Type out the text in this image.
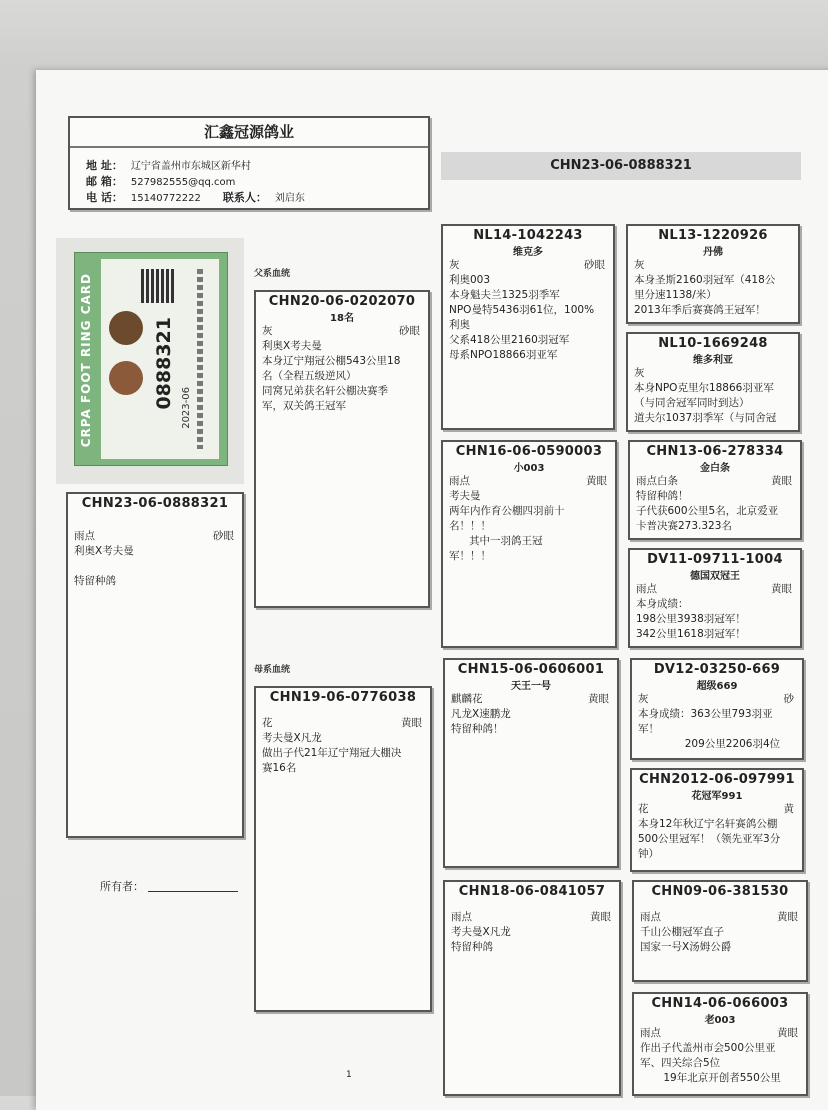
汇鑫冠源鸽业
地 址： 辽宁省盖州市东城区新华村
邮 箱： 527982555@qq.com
电 话： 15140772222 联系人： 刘启东
CHN23-06-0888321
CRPA FOOT RING CARD	0888321 2023-06
父系血统
母系血统
CHN23-06-0888321
雨点	砂眼
利奥X考夫曼

特留种鸽
所有者：
CHN20-06-0202070
18名
灰	砂眼
利奥X考夫曼
本身辽宁翔冠公棚543公里18
名（全程五级逆风）
同窝兄弟获名轩公棚决赛季
军，双关鸽王冠军
CHN19-06-0776038

花	黄眼
考夫曼X凡龙
做出子代21年辽宁翔冠大棚决
赛16名
NL14-1042243
维克多
灰	砂眼
利奥003
本身魁夫兰1325羽季军
NPO曼特5436羽61位，100%
利奥
父系418公里2160羽冠军
母系NPO18866羽亚军
CHN16-06-0590003
小003
雨点	黄眼
考夫曼
两年内作育公棚四羽前十
名！！！
其中一羽鸽王冠
军！！！
CHN15-06-0606001
天王一号
麒麟花	黄眼
凡龙X速鹏龙
特留种鸽！
CHN18-06-0841057

雨点	黄眼
考夫曼X凡龙
特留种鸽
NL13-1220926
丹佛
灰
本身圣斯2160羽冠军（418公
里分速1138/米）
2013年季后赛赛鸽王冠军！
NL10-1669248
维多利亚
灰
本身NPO克里尔18866羽亚军
（与同舍冠军同时到达）
道夫尔1037羽季军（与同舍冠
CHN13-06-278334
金白条
雨点白条	黄眼
特留种鸽！
子代获600公里5名，北京爱亚
卡普决赛273.323名
DV11-09711-1004
德国双冠王
雨点	黄眼
本身成绩：
198公里3938羽冠军！
342公里1618羽冠军！
DV12-03250-669
超级669
灰	砂
本身成绩：363公里793羽亚
军！
209公里2206羽4位
CHN2012-06-097991
花冠军991
花	黄
本身12年秋辽宁名轩赛鸽公棚
500公里冠军！（领先亚军3分
钟）
CHN09-06-381530

雨点	黄眼
千山公棚冠军直子
国家一号X汤姆公爵
CHN14-06-066003
老003
雨点	黄眼
作出子代盖州市会500公里亚
军、四关综合5位
19年北京开创者550公里
1
